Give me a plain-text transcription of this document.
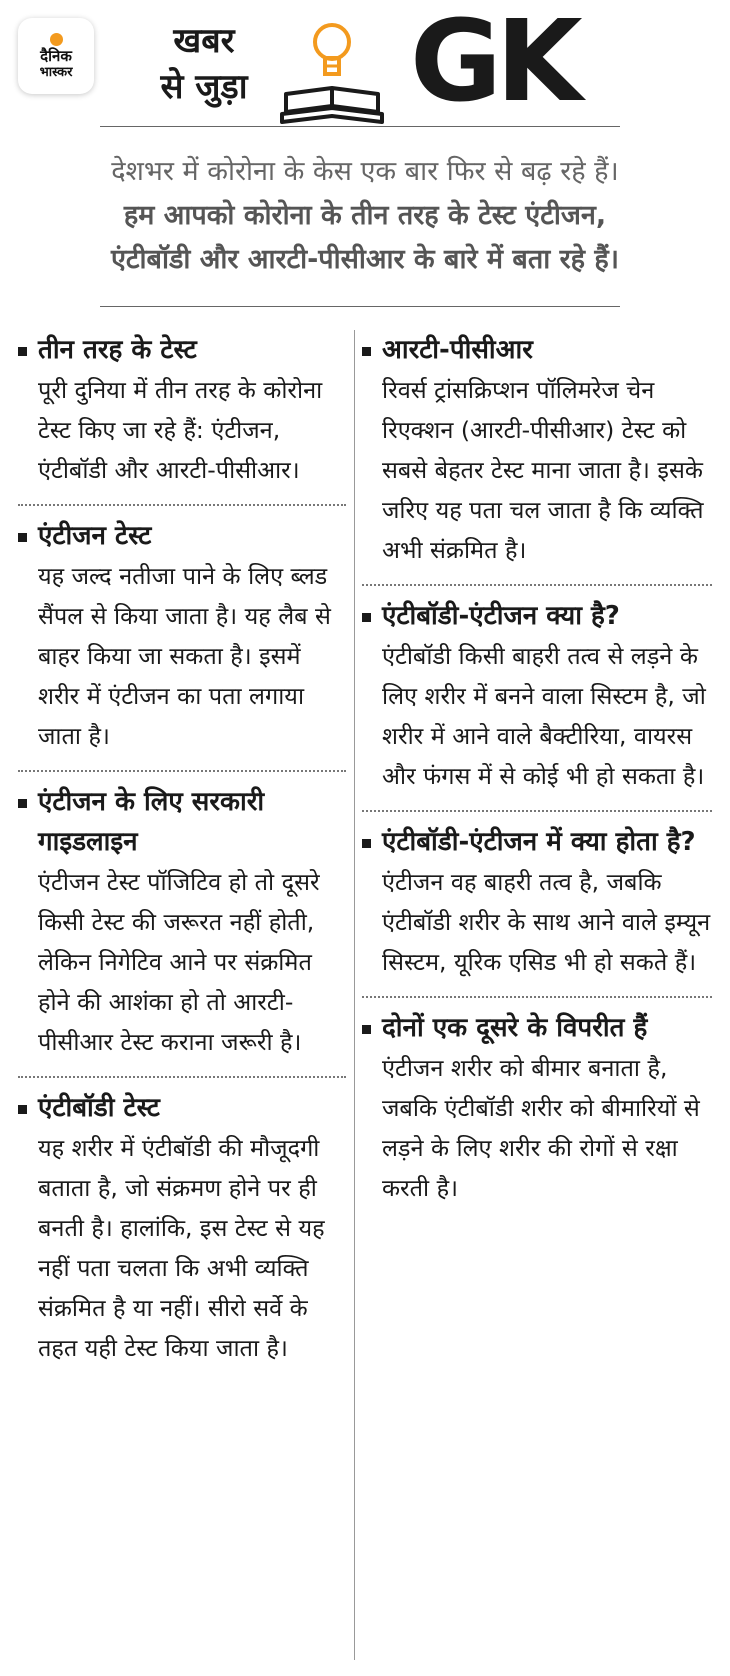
दैनिक
भास्कर
खबर
से जुड़ा GK
देशभर में कोरोना के केस एक बार फिर से बढ़ रहे हैं।
हम आपको कोरोना के तीन तरह के टेस्ट एंटीजन,
एंटीबॉडी और आरटी-पीसीआर के बारे में बता रहे हैं।
तीन तरह के टेस्ट

पूरी दुनिया में तीन तरह के कोरोना टेस्ट किए जा रहे हैं: एंटीजन, एंटीबॉडी और आरटी-पीसीआर।

एंटीजन टेस्ट

यह जल्द नतीजा पाने के लिए ब्लड सैंपल से किया जाता है। यह लैब से बाहर किया जा सकता है। इसमें शरीर में एंटीजन का पता लगाया जाता है।

एंटीजन के लिए सरकारी गाइडलाइन

एंटीजन टेस्ट पॉजिटिव हो तो दूसरे किसी टेस्ट की जरूरत नहीं होती, लेकिन निगेटिव आने पर संक्रमित होने की आशंका हो तो आरटी-पीसीआर टेस्ट कराना जरूरी है।

एंटीबॉडी टेस्ट

यह शरीर में एंटीबॉडी की मौजूदगी बताता है, जो संक्रमण होने पर ही बनती है। हालांकि, इस टेस्ट से यह नहीं पता चलता कि अभी व्यक्ति संक्रमित है या नहीं। सीरो सर्वे के तहत यही टेस्ट किया जाता है।

आरटी-पीसीआर

रिवर्स ट्रांसक्रिप्शन पॉलिमरेज चेन रिएक्शन (आरटी-पीसीआर) टेस्ट को सबसे बेहतर टेस्ट माना जाता है। इसके जरिए यह पता चल जाता है कि व्यक्ति अभी संक्रमित है।

एंटीबॉडी-एंटीजन क्या है?

एंटीबॉडी किसी बाहरी तत्व से लड़ने के लिए शरीर में बनने वाला सिस्टम है, जो शरीर में आने वाले बैक्टीरिया, वायरस और फंगस में से कोई भी हो सकता है।

एंटीबॉडी-एंटीजन में क्या होता है?

एंटीजन वह बाहरी तत्व है, जबकि एंटीबॉडी शरीर के साथ आने वाले इम्यून सिस्टम, यूरिक एसिड भी हो सकते हैं।

दोनों एक दूसरे के विपरीत हैं

एंटीजन शरीर को बीमार बनाता है, जबकि एंटीबॉडी शरीर को बीमारियों से लड़ने के लिए शरीर की रोगों से रक्षा करती है।
